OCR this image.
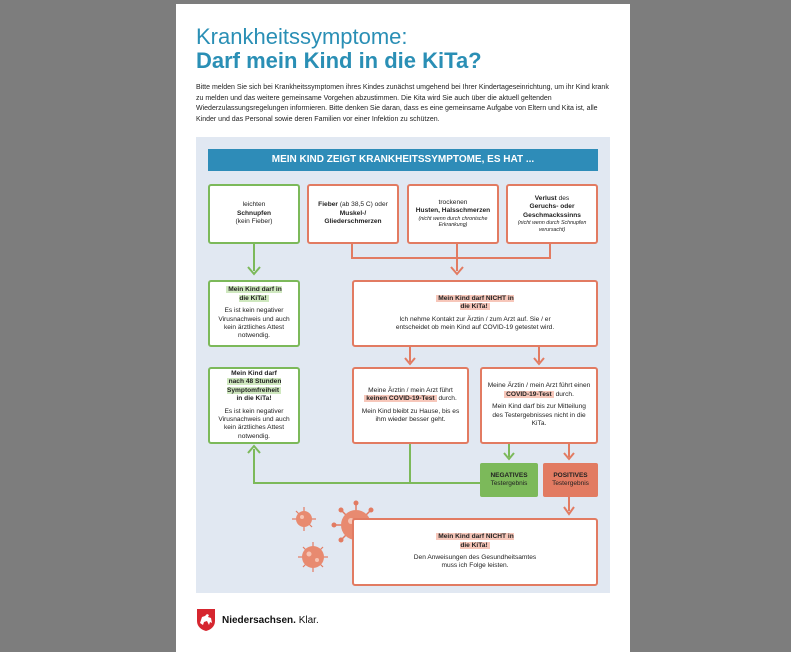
Krankheitssymptome:
Darf mein Kind in die KiTa?

Bitte melden Sie sich bei Krankheitssymptomen ihres Kindes zunächst umgehend bei Ihrer Kindertageseinrichtung, um ihr Kind krank zu melden und das weitere gemeinsame Vorgehen abzustimmen. Die Kita wird Sie auch über die aktuell geltenden Wiederzulassungsregelungen informieren. Bitte denken Sie daran, dass es eine gemeinsame Aufgabe von Eltern und Kita ist, alle Kinder und das Personal sowie deren Familien vor einer Infektion zu schützen.

MEIN KIND ZEIGT KRANKHEITSSYMPTOME, ES HAT ...
leichten
Schnupfen
(kein Fieber)
Fieber (ab 38,5 C) oder
Muskel-/ Gliederschmerzen
trockenen
Husten, Halsschmerzen
(nicht wenn durch chronische Erkrankung)
Verlust des
Geruchs- oder Geschmackssinns
(nicht wenn durch Schnupfen verursacht)
Mein Kind darf in die KiTa!
Es ist kein negativer Virusnachweis und auch kein ärztliches Attest notwendig.
Mein Kind darf NICHT in die KiTa!
Ich nehme Kontakt zur Ärztin / zum Arzt auf. Sie / er entscheidet ob mein Kind auf COVID-19 getestet wird.
Mein Kind darf
nach 48 Stunden Symptomfreiheit
in die KiTa!
Es ist kein negativer Virusnachweis und auch kein ärztliches Attest notwendig.
Meine Ärztin / mein Arzt führt
keinen COVID-19-Test durch.
Mein Kind bleibt zu Hause, bis es ihm wieder besser geht.
Meine Ärztin / mein Arzt führt einen
COVID-19-Test durch.
Mein Kind darf bis zur Mitteilung des Testergebnisses nicht in die KiTa.
NEGATIVES
Testergebnis
POSITIVES
Testergebnis
Mein Kind darf NICHT in die KiTa!
Den Anweisungen des Gesundheitsamtes muss ich Folge leisten.
Niedersachsen. Klar.
